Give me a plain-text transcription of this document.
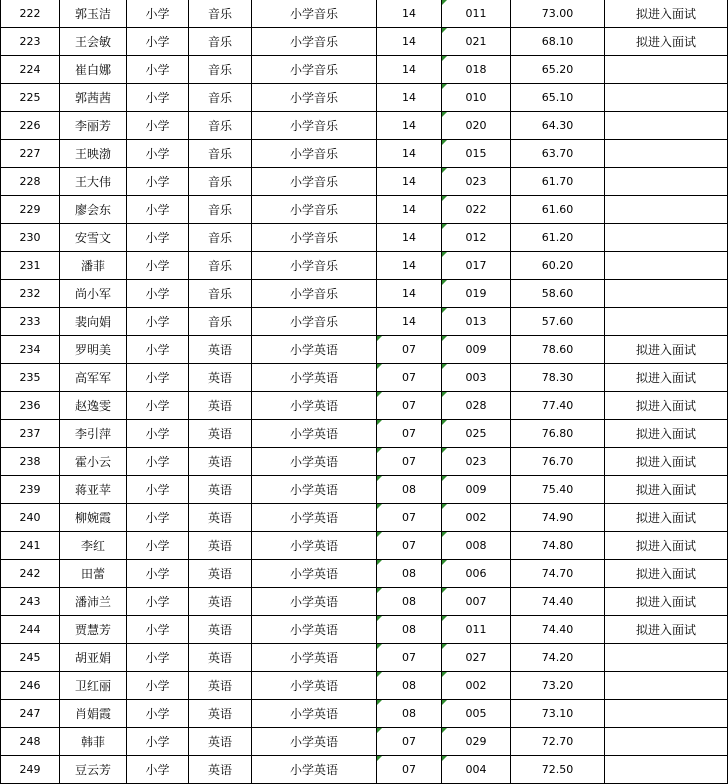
222	郭玉洁	小学	音乐	小学音乐	14	011	73.00	拟进入面试
223	王会敏	小学	音乐	小学音乐	14	021	68.10	拟进入面试
224	崔白娜	小学	音乐	小学音乐	14	018	65.20	
225	郭茜茜	小学	音乐	小学音乐	14	010	65.10	
226	李丽芳	小学	音乐	小学音乐	14	020	64.30	
227	王映渤	小学	音乐	小学音乐	14	015	63.70	
228	王大伟	小学	音乐	小学音乐	14	023	61.70	
229	廖会东	小学	音乐	小学音乐	14	022	61.60	
230	安雪文	小学	音乐	小学音乐	14	012	61.20	
231	潘菲	小学	音乐	小学音乐	14	017	60.20	
232	尚小军	小学	音乐	小学音乐	14	019	58.60	
233	裴向娟	小学	音乐	小学音乐	14	013	57.60	
234	罗明美	小学	英语	小学英语	07	009	78.60	拟进入面试
235	高军军	小学	英语	小学英语	07	003	78.30	拟进入面试
236	赵逸雯	小学	英语	小学英语	07	028	77.40	拟进入面试
237	李引萍	小学	英语	小学英语	07	025	76.80	拟进入面试
238	霍小云	小学	英语	小学英语	07	023	76.70	拟进入面试
239	蒋亚苹	小学	英语	小学英语	08	009	75.40	拟进入面试
240	柳婉霞	小学	英语	小学英语	07	002	74.90	拟进入面试
241	李红	小学	英语	小学英语	07	008	74.80	拟进入面试
242	田蕾	小学	英语	小学英语	08	006	74.70	拟进入面试
243	潘沛兰	小学	英语	小学英语	08	007	74.40	拟进入面试
244	贾慧芳	小学	英语	小学英语	08	011	74.40	拟进入面试
245	胡亚娟	小学	英语	小学英语	07	027	74.20	
246	卫红丽	小学	英语	小学英语	08	002	73.20	
247	肖娟霞	小学	英语	小学英语	08	005	73.10	
248	韩菲	小学	英语	小学英语	07	029	72.70	
249	豆云芳	小学	英语	小学英语	07	004	72.50	
